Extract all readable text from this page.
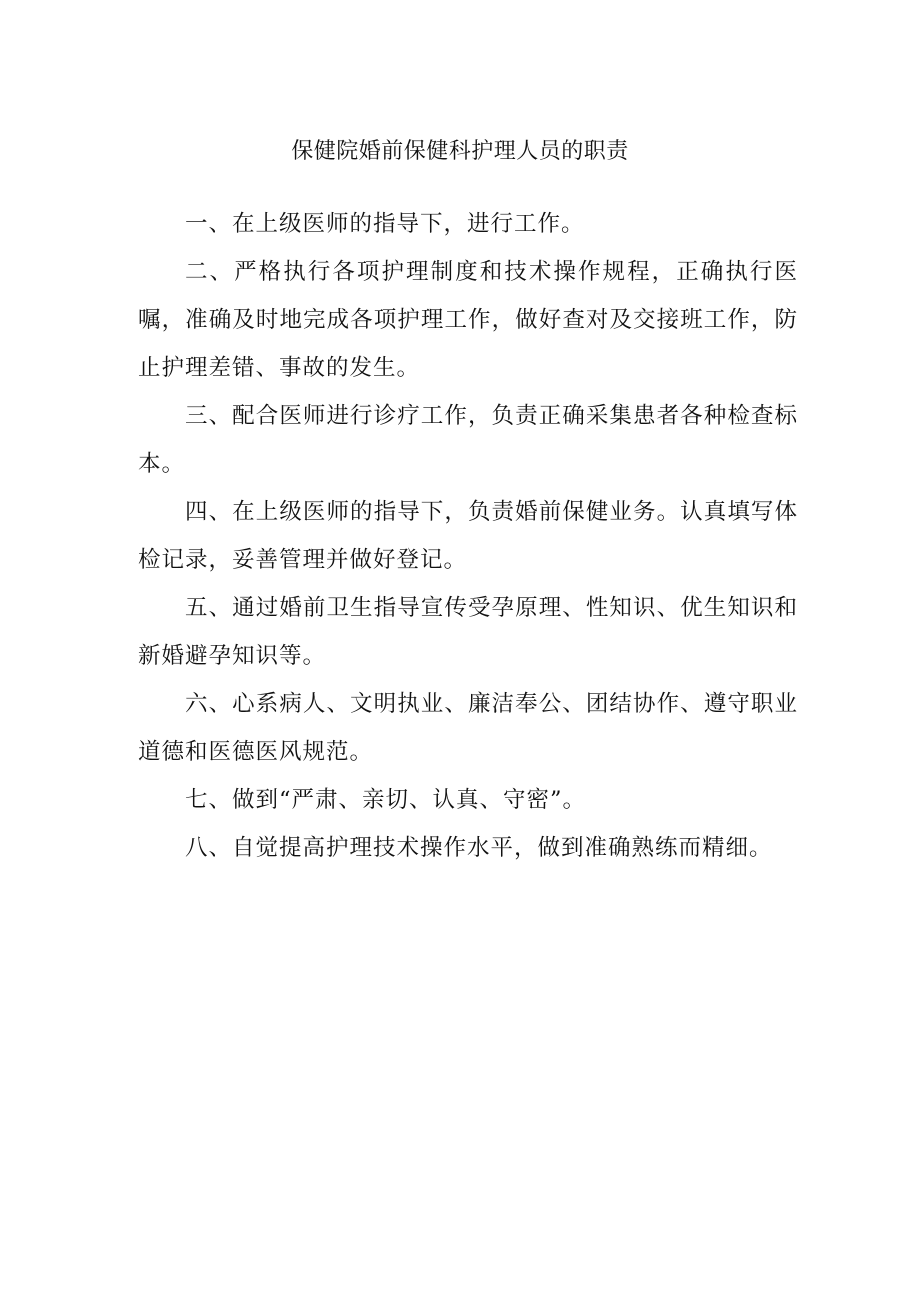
保健院婚前保健科护理人员的职责

一、在上级医师的指导下，进行工作。

二、严格执行各项护理制度和技术操作规程，正确执行医嘱，准确及时地完成各项护理工作，做好查对及交接班工作，防止护理差错、事故的发生。

三、配合医师进行诊疗工作，负责正确采集患者各种检查标本。

四、在上级医师的指导下，负责婚前保健业务。认真填写体检记录，妥善管理并做好登记。

五、通过婚前卫生指导宣传受孕原理、性知识、优生知识和新婚避孕知识等。

六、心系病人、文明执业、廉洁奉公、团结协作、遵守职业道德和医德医风规范。

七、做到“严肃、亲切、认真、守密”。

八、自觉提高护理技术操作水平，做到准确熟练而精细。
